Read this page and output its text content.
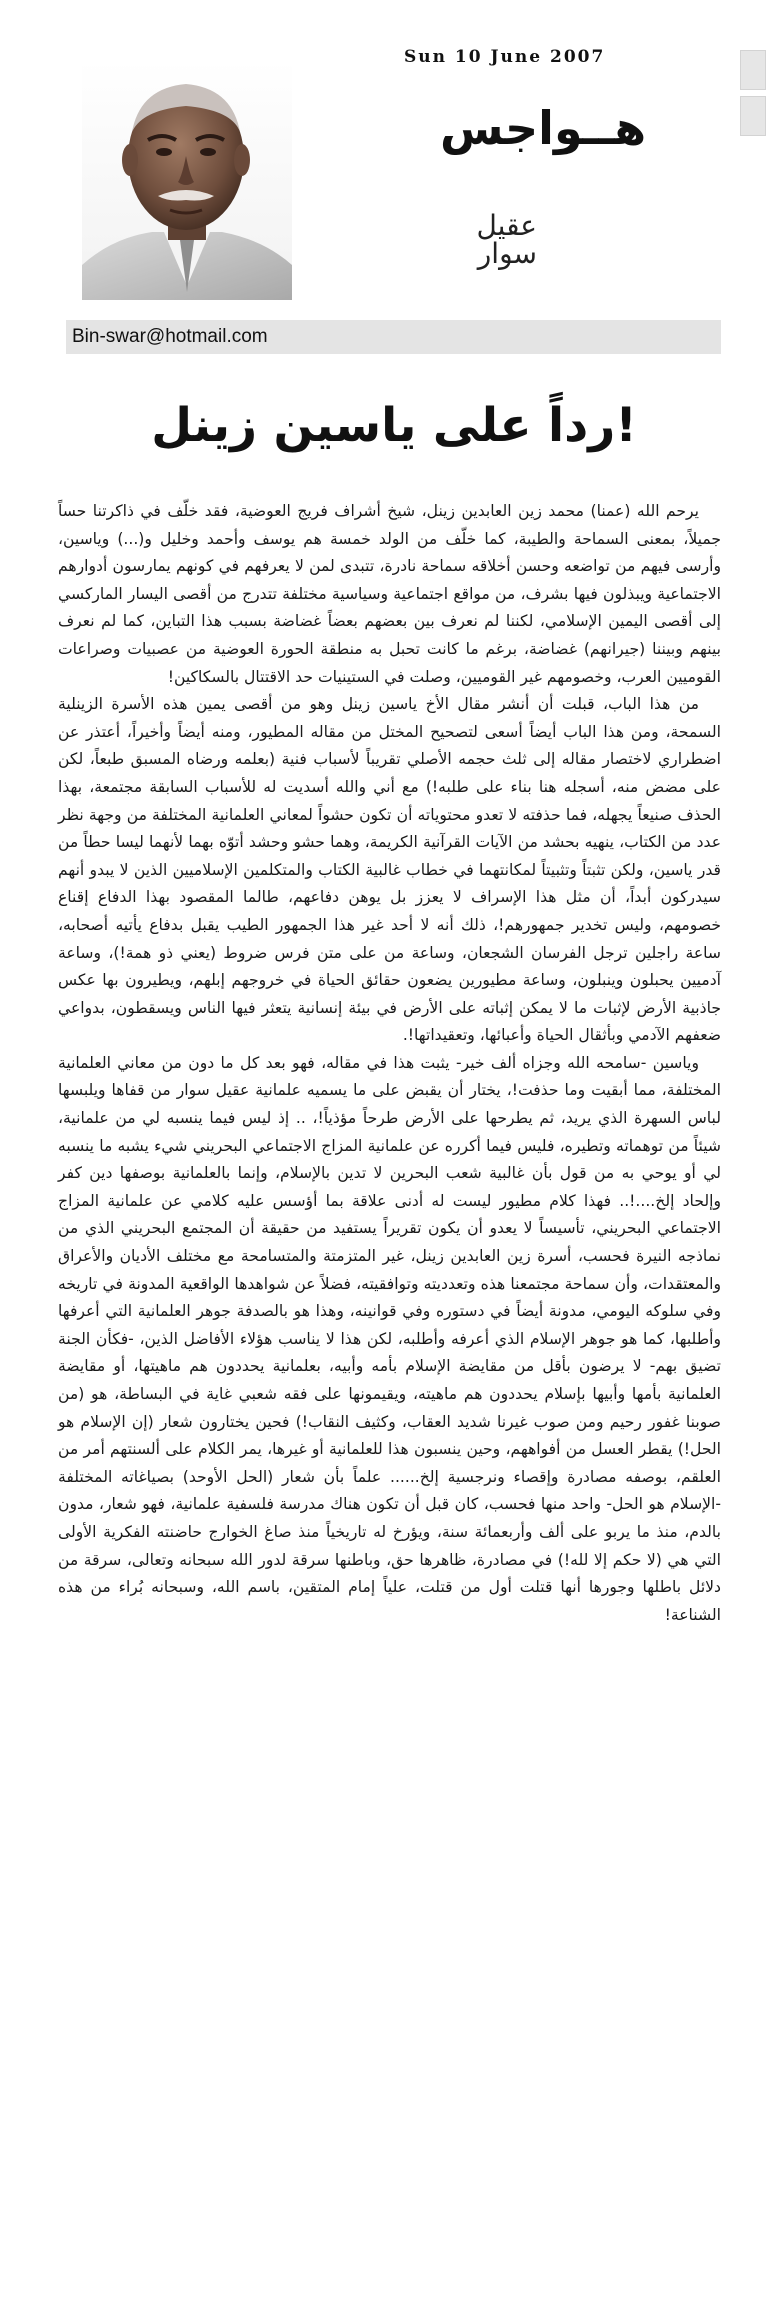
Sun 10 June 2007
هــواجس
عقيل سوار
Bin-swar@hotmail.com
رداً على ياسين زينل!

يرحم الله (عمنا) محمد زين العابدين زينل، شيخ أشراف فريج العوضية، فقد خلّف في ذاكرتنا حساً جميلاً، بمعنى السماحة والطيبة، كما خلّف من الولد خمسة هم يوسف وأحمد وخليل و(...) وياسين، وأرسى فيهم من تواضعه وحسن أخلاقه سماحة نادرة، تتبدى لمن لا يعرفهم في كونهم يمارسون أدوارهم الاجتماعية ويبذلون فيها بشرف، من مواقع اجتماعية وسياسية مختلفة تتدرج من أقصى اليسار الماركسي إلى أقصى اليمين الإسلامي، لكننا لم نعرف بين بعضهم بعضاً غضاضة بسبب هذا التباين، كما لم نعرف بينهم وبيننا (جيرانهم) غضاضة، برغم ما كانت تحبل به منطقة الحورة العوضية من عصبيات وصراعات القوميين العرب، وخصومهم غير القوميين، وصلت في الستينيات حد الاقتتال بالسكاكين!

من هذا الباب، قبلت أن أنشر مقال الأخ ياسين زينل وهو من أقصى يمين هذه الأسرة الزينلية السمحة، ومن هذا الباب أيضاً أسعى لتصحيح المختل من مقاله المطيور، ومنه أيضاً وأخيراً، أعتذر عن اضطراري لاختصار مقاله إلى ثلث حجمه الأصلي تقريباً لأسباب فنية (بعلمه ورضاه المسبق طبعاً، لكن على مضض منه، أسجله هنا بناء على طلبه!) مع أني والله أسديت له للأسباب السابقة مجتمعة، بهذا الحذف صنيعاً يجهله، فما حذفته لا تعدو محتوياته أن تكون حشواً لمعاني العلمانية المختلفة من وجهة نظر عدد من الكتاب، ينهيه بحشد من الآيات القرآنية الكريمة، وهما حشو وحشد أتوّه بهما لأنهما ليسا حطاً من قدر ياسين، ولكن تثبتاً وتثبيتاً لمكانتهما في خطاب غالبية الكتاب والمتكلمين الإسلاميين الذين لا يبدو أنهم سيدركون أبداً، أن مثل هذا الإسراف لا يعزز بل يوهن دفاعهم، طالما المقصود بهذا الدفاع إقناع خصومهم، وليس تخدير جمهورهم!، ذلك أنه لا أحد غير هذا الجمهور الطيب يقبل بدفاع يأتيه أصحابه، ساعة راجلين ترجل الفرسان الشجعان، وساعة من على متن فرس ضروط (يعني ذو همة!)، وساعة آدميين يحبلون وينبلون، وساعة مطيورين يضعون حقائق الحياة في خروجهم إبلهم، ويطيرون بها عكس جاذبية الأرض لإثبات ما لا يمكن إثباته على الأرض في بيئة إنسانية يتعثر فيها الناس ويسقطون، بدواعي ضعفهم الآدمي وبأثقال الحياة وأعبائها، وتعقيداتها!.

وياسين -سامحه الله وجزاه ألف خير- يثبت هذا في مقاله، فهو بعد كل ما دون من معاني العلمانية المختلفة، مما أبقيت وما حذفت!، يختار أن يقبض على ما يسميه علمانية عقيل سوار من قفاها ويلبسها لباس السهرة الذي يريد، ثم يطرحها على الأرض طرحاً مؤذياً!، .. إذ ليس فيما ينسبه لي من علمانية، شيئاً من توهماته وتطيره، فليس فيما أكرره عن علمانية المزاج الاجتماعي البحريني شيء يشبه ما ينسبه لي أو يوحي به من قول بأن غالبية شعب البحرين لا تدين بالإسلام، وإنما بالعلمانية بوصفها دين كفر وإلحاد إلخ....!.. فهذا كلام مطيور ليست له أدنى علاقة بما أؤسس عليه كلامي عن علمانية المزاج الاجتماعي البحريني، تأسيساً لا يعدو أن يكون تقريراً يستفيد من حقيقة أن المجتمع البحريني الذي من نماذجه النيرة فحسب، أسرة زين العابدين زينل، غير المتزمتة والمتسامحة مع مختلف الأديان والأعراق والمعتقدات، وأن سماحة مجتمعنا هذه وتعدديته وتوافقيته، فضلاً عن شواهدها الواقعية المدونة في تاريخه وفي سلوكه اليومي، مدونة أيضاً في دستوره وفي قوانينه، وهذا هو بالصدفة جوهر العلمانية التي أعرفها وأطلبها، كما هو جوهر الإسلام الذي أعرفه وأطلبه، لكن هذا لا يناسب هؤلاء الأفاضل الذين، -فكأن الجنة تضيق بهم- لا يرضون بأقل من مقايضة الإسلام بأمه وأبيه، بعلمانية يحددون هم ماهيتها، أو مقايضة العلمانية بأمها وأبيها بإسلام يحددون هم ماهيته، ويقيمونها على فقه شعبي غاية في البساطة، هو (من صوبنا غفور رحيم ومن صوب غيرنا شديد العقاب، وكثيف النقاب!) فحين يختارون شعار (إن الإسلام هو الحل!) يقطر العسل من أفواههم، وحين ينسبون هذا للعلمانية أو غيرها، يمر الكلام على ألسنتهم أمر من العلقم، بوصفه مصادرة وإقصاء ونرجسية إلخ...... علماً بأن شعار (الحل الأوحد) بصياغاته المختلفة -الإسلام هو الحل- واحد منها فحسب، كان قبل أن تكون هناك مدرسة فلسفية علمانية، فهو شعار، مدون بالدم، منذ ما يربو على ألف وأربعمائة سنة، ويؤرخ له تاريخياً منذ صاغ الخوارج حاضنته الفكرية الأولى التي هي (لا حكم إلا لله!) في مصادرة، ظاهرها حق، وباطنها سرقة لدور الله سبحانه وتعالى، سرقة من دلائل باطلها وجورها أنها قتلت أول من قتلت، علياً إمام المتقين، باسم الله، وسبحانه بُراء من هذه الشناعة!
